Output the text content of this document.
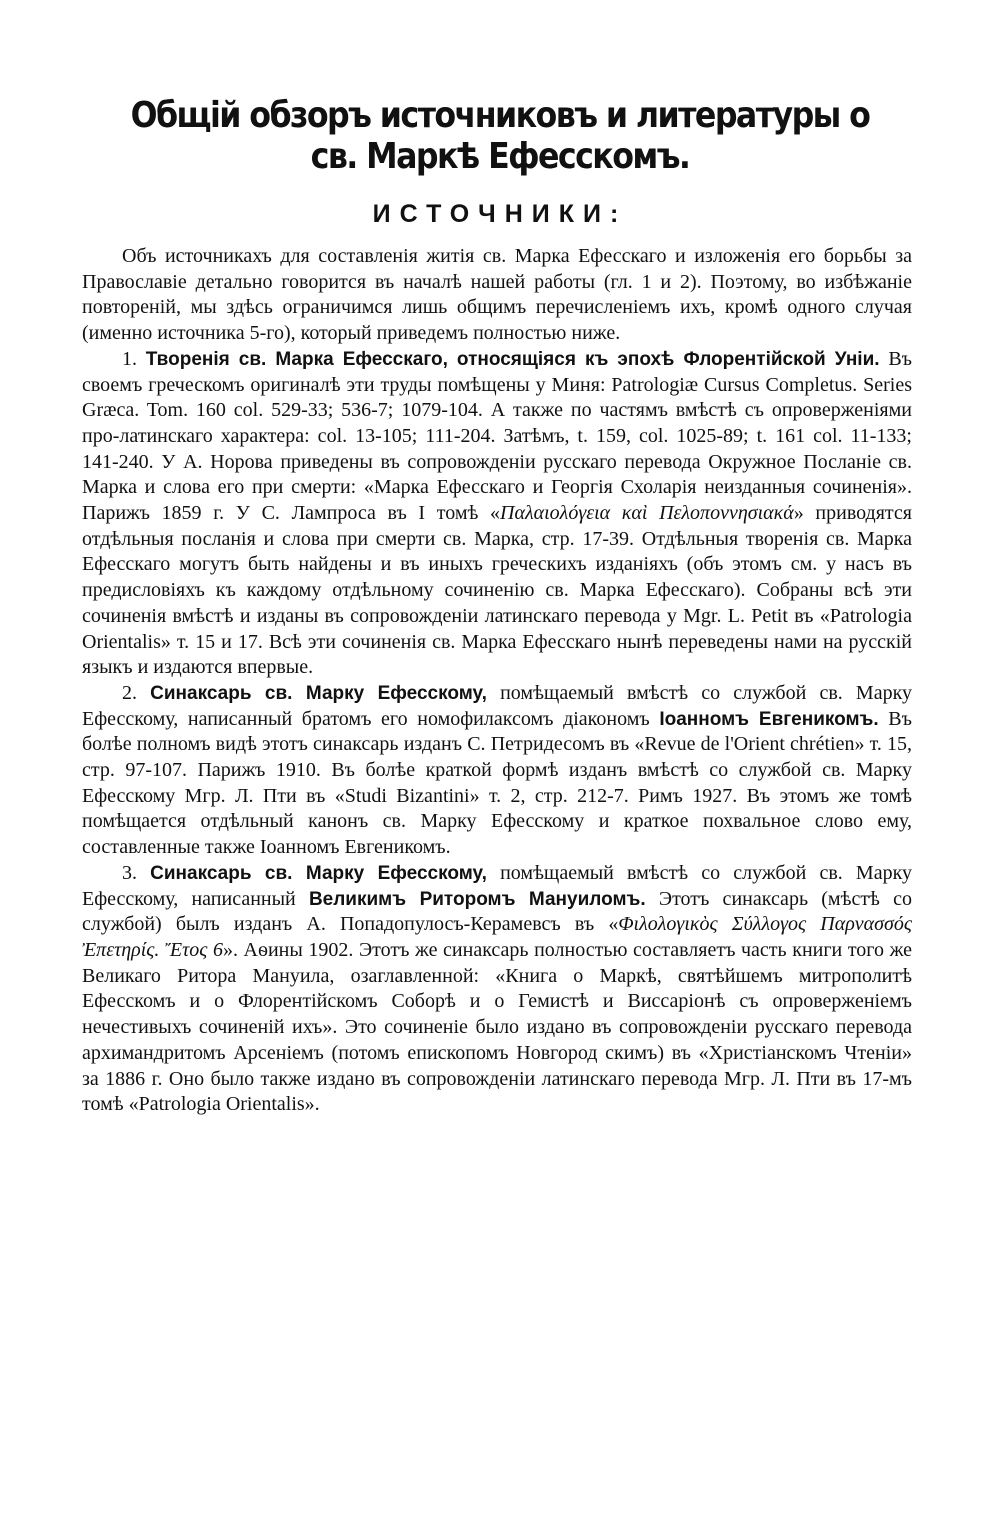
Общій обзоръ источниковъ и литературы о св. Маркѣ Ефесскомъ.
ИСТОЧНИКИ:

Объ источникахъ для составленія житія св. Марка Ефесскаго и изложенія его борьбы за Православіе детально говорится въ началѣ нашей работы (гл. 1 и 2). Поэтому, во избѣжаніе повтореній, мы здѣсь ограничимся лишь общимъ перечисленіемъ ихъ, кромѣ одного случая (именно источника 5-го), который приведемъ полностью ниже.

1. Творенія св. Марка Ефесскаго, относящіяся къ эпохѣ Флорентійской Уніи. Въ своемъ греческомъ оригиналѣ эти труды помѣщены у Миня: Patrologiæ Cursus Completus. Series Græca. Tom. 160 col. 529-33; 536-7; 1079-104. А также по частямъ вмѣстѣ съ опроверженіями про-латинскаго характера: col. 13-105; 111-204. Затѣмъ, t. 159, col. 1025-89; t. 161 col. 11-133; 141-240. У А. Норова приведены въ сопровожденіи русскаго перевода Окружное Посланіе св. Марка и слова его при смерти: «Марка Ефесскаго и Георгія Схоларія неизданныя сочиненія». Парижъ 1859 г. У С. Лампроса въ I томѣ «Παλαιολόγεια καὶ Πελοποννησιακά» приводятся отдѣльныя посланія и слова при смерти св. Марка, стр. 17-39. Отдѣльныя творенія св. Марка Ефесскаго могутъ быть найдены и въ иныхъ греческихъ изданіяхъ (объ этомъ см. у насъ въ предисловіяхъ къ каждому отдѣльному сочиненію св. Марка Ефесскаго). Собраны всѣ эти сочиненія вмѣстѣ и изданы въ сопровожденіи латинскаго перевода у Mgr. L. Petit въ «Patrologia Orientalis» т. 15 и 17. Всѣ эти сочиненія св. Марка Ефесскаго нынѣ переведены нами на русскій языкъ и издаются впервые.

2. Синаксарь св. Марку Ефесскому, помѣщаемый вмѣстѣ со службой св. Марку Ефесскому, написанный братомъ его номофилаксомъ діакономъ Іоанномъ Евгеникомъ. Въ болѣе полномъ видѣ этотъ синаксарь изданъ С. Петридесомъ въ «Revue de l'Orient chrétien» т. 15, стр. 97-107. Парижъ 1910. Въ болѣе краткой формѣ изданъ вмѣстѣ со службой св. Марку Ефесскому Мгр. Л. Пти въ «Studi Bizantini» т. 2, стр. 212-7. Римъ 1927. Въ этомъ же томѣ помѣщается отдѣльный канонъ св. Марку Ефесскому и краткое похвальное слово ему, составленные также Іоанномъ Евгеникомъ.

3. Синаксарь св. Марку Ефесскому, помѣщаемый вмѣстѣ со службой св. Марку Ефесскому, написанный Великимъ Риторомъ Мануиломъ. Этотъ синаксарь (мѣстѣ со службой) былъ изданъ А. Попадопулосъ-Керамевсъ въ «Φιλολογικὸς Σύλλογος Παρνασσός Ἐπετηρίς. Ἔτος 6». Аѳины 1902. Этотъ же синаксарь полностью составляетъ часть книги того же Великаго Ритора Мануила, озаглавленной: «Книга о Маркѣ, святѣйшемъ митрополитѣ Ефесскомъ и о Флорентійскомъ Соборѣ и о Гемистѣ и Виссаріонѣ съ опроверженіемъ нечестивыхъ сочиненій ихъ». Это сочиненіе было издано въ сопровожденіи русскаго перевода архимандритомъ Арсеніемъ (потомъ епископомъ Новгород скимъ) въ «Христіанскомъ Чтеніи» за 1886 г. Оно было также издано въ сопровожденіи латинскаго перевода Мгр. Л. Пти въ 17-мъ томѣ «Patrologia Orientalis».
